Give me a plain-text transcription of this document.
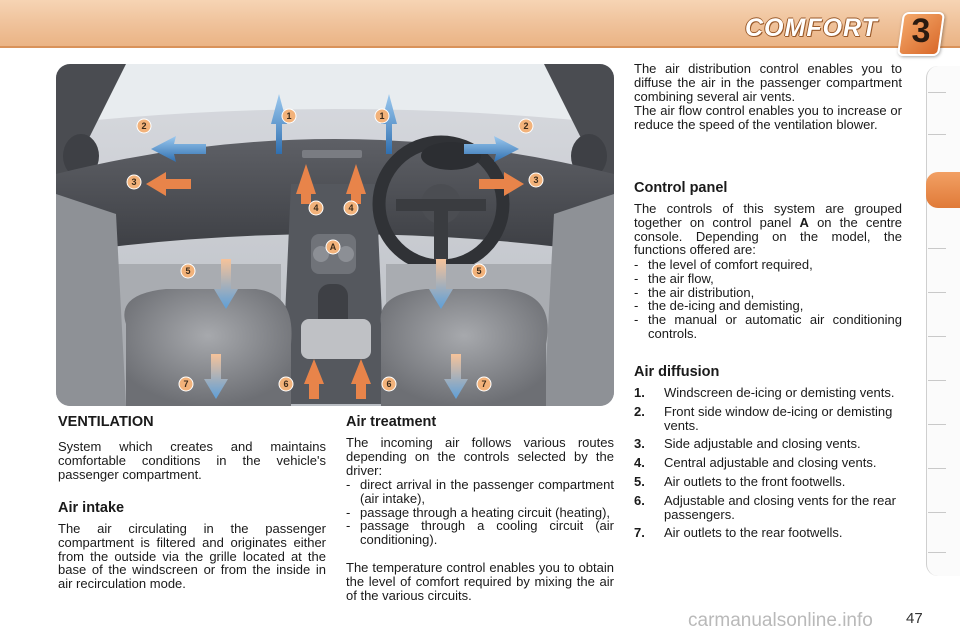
COMFORT 3
1	1
2	2
3	3
4	4
5	5
6	6
7	7
A
VENTILATION

System which creates and maintains comfortable conditions in the vehicle's passenger compartment.

Air intake

The air circulating in the passenger compartment is filtered and originates either from the outside via the grille located at the base of the windscreen or from the inside in air recirculation mode.

Air treatment

The incoming air follows various routes depending on the controls selected by the driver:

- direct arrival in the passenger compartment (air intake),
- passage through a heating circuit (heating),
- passage through a cooling circuit (air conditioning).

The temperature control enables you to obtain the level of comfort required by mixing the air of the various circuits.

The air distribution control enables you to diffuse the air in the passenger compartment combining several air vents.

The air flow control enables you to increase or reduce the speed of the ventilation blower.

Control panel

The controls of this system are grouped together on control panel A on the centre console. Depending on the model, the functions offered are:

- the level of comfort required,
- the air flow,
- the air distribution,
- the de-icing and demisting,
- the manual or automatic air conditioning controls.
Air diffusion
1. Windscreen de-icing or demisting vents.
2. Front side window de-icing or demisting vents.
3. Side adjustable and closing vents.
4. Central adjustable and closing vents.
5. Air outlets to the front footwells.
6. Adjustable and closing vents for the rear passengers.
7. Air outlets to the rear footwells.
carmanualsonline.info 47
